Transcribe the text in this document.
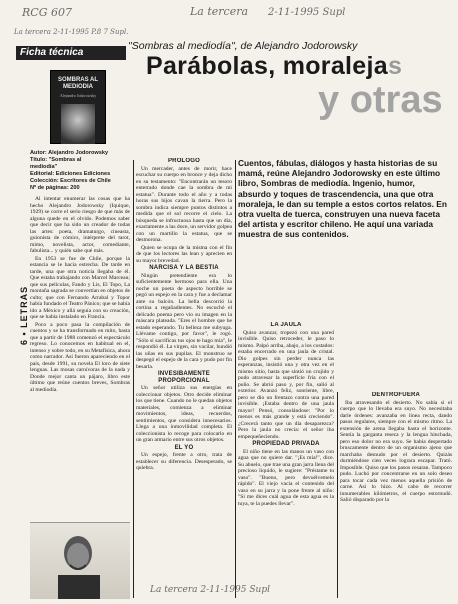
RCG 607	La tercera 2-11-1995 Supl
La tercera 2-11-1995 P.8 7 Supl.
Ficha técnica
"Sombras al mediodía", de Alejandro Jodorowsky
Parábolas, moralejas
y otras
SOMBRAS AL MEDIODIA
Alejandro Jodorowsky
Autor: Alejandro Jodorowsky
Título: "Sombras al
mediodía"
Editorial: Ediciones Ediciones
Colección: Escritores de Chile
Nº de páginas: 200
6 • LETRAS

Al intentar enumerar las cosas que ha hecho Alejandro Jodorowsky (Iquique, 1929) se corre el serio riesgo de que más de alguna quede en el olvido. Podemos saber que decir que ha sido un creador de todas las artes: poeta, dramaturgo, cineasta, guionista de cómics, intérprete del tarot, mimo, novelista, actor, comediante, fabulista... y quién sabe qué más.

En 1953 se fue de Chile, porque la estancia se le hacía estrecha. De tarde en tarde, una que otra noticia llegaba de él. Que estaba trabajando con Marcel Marceau; que sus películas, Fando y Lis, El Topo, La montaña sagrada se convertían en objetos de culto; que con Fernando Arrabal y Topor había fundado el Teatro Pánico; que se había ido a México y allá seguía con su creación, que se había instalado en Francia.

Poco a poco pasa la compilación de cuentos y se ha transformado en mito, hasta que a partir de 1988 comenzó el espectáculo regreso. Lo conocemos en habitual en el, intenso y sobre todo, en su Metafísica, ahora como narrador. Así fueron apareciendo en el país, desde 1991, su novela El loro de siete lenguas. Las mosas carnívoras de la nada y Donde mejor canta un pájaro, libro este último que reúne cuentos breves, Sombras al mediodía.

PROLOGO

Un mercader, antes de morir, hace escuchar su cuerpo en bronce y deja dicho en su testamento: "Encontrarán un tesoro enterrado donde cae la sombra de mi estatua". Durante todo el año y a todas horas sus hijos cavan la tierra. Pero la sombra indica siempre puntos distintos a medida que el sol recorre el cielo. La búsqueda se infructuosa hasta que un día, exactamente a las doce, un servidor golpea con un martillo la estatua, que se desmorona.

Quien se ocupa de la misma con el fin de que los lectores las lean y aprecien en su mayor brevedad.

NARCISA Y LA BESTIA

Ningún pretendiente era lo suficientemente hermoso para ella. Una noche un poeta de aspecto horrible se pegó un espejo en la cara y fue a declamar ante su balcón. La bella descorrió la cortina a regañadientes. No escuchó el delicado poema pero vio su imagen en la máscara plateada. "Eres el hombre que he estado esperando. Tu belleza me subyuga. Llévame contigo, por favor", le rogó. "Sólo si sacrificas tus ojos te hago mía", le respondió él. La virgen, sin vacilar, hundió las uñas en sus pupilas. El monstruo se despegó el espejo de la cara y pudo por fin besarla.

INVESIBAMENTE PROPORCIONAL

Un señor utiliza sus energías en coleccionar objetos. Otro decide eliminar los que tiene. Cuando no le quedan objetos materiales, comienza a eliminar movimientos, ideas, recuerdos, sentimientos, que considera innecesarios. Llega a una inmovilidad completa. El coleccionista lo recoge para colocarlo en un gran armario entre sus otros objetos.

EL YO

Un espejo, frente a otro, trata de establecer su diferencia. Desesperado, se quiebra.

Cuentos, fábulas, diálogos y hasta historias de su mamá, reúne Alejandro Jodorowsky en este último libro, Sombras de mediodía. Ingenio, humor, absurdo y toques de trascendencia, una que otra moraleja, le dan su temple a estos cortos relatos. En otra vuelta de tuerca, construyen una nueva faceta del artista y escritor chileno. He aquí una variada muestra de sus contenidos.

LA JAULA

Quiso avanzar, tropezó con una pared invisible. Quiso retroceder, le paso lo mismo. Palpó arriba, abajo, a los costados: estaba encerrado en una jaula de cristal. Dio golpes sin perder nunca las esperanzas, insistió una y otra vez en el mismo sitio, hasta que sintió un crujido y pudo atravesar la superficie fría con el puño. Se abrió paso y, por fin, salió al exterior. Avanzó feliz, sonriente, libre, pero se dio un frentazo contra una pared invisible. ¡Estaba dentro de una jaula mayor! Pensó, consolándose: "Por lo menos es más grande y está creciendo". ¿Crecerá tanto que un día desaparezca? Pero la jaula no crecía: el señor iba empequeñeciendo.

PROPIEDAD PRIVADA

El niño tiene en las manos un vaso con agua que no quiere dar. "¡Es mía!", dice. Su abuelo, que trae una gran jarra llena del precioso líquido, le sugiere: "Préstame tu vaso". "Bueno, pero devuélvemelo rápido". El viejo vacía el contenido del vaso en su jarra y la pone frente al niño: "Si me dices cuál agua de esta agua es la tuya, te la puedes llevar".

DENTROFUERA

Iba atravesando el desierto. No sabía si el cuerpo que lo llevaba era suyo. No necesitaba darle órdenes: avanzaba en línea recta, dando pasos regulares, siempre con el mismo ritmo. La extensión de arena llegaba hasta el horizonte. Sentía la garganta reseca y la lengua hinchada, pero eso dolor no era suyo. Se había despertado bruscamente dentro de un organismo ajeno que marchaba desnudo por el desierto. Quizás durmiéndose cien veces lograra escapar. Trató. Imposible. Quiso que los pasos cesaran. Tampoco pudo. Luchó por concentrarse en un solo deseo para tocar cada vez menos aquella prisión de carne. Así lo hizo. Al cabo de recorrer innumerables kilómetros, el cuerpo estornudó. Salió disparado por la

La tercera 2-11-1995 Supl
